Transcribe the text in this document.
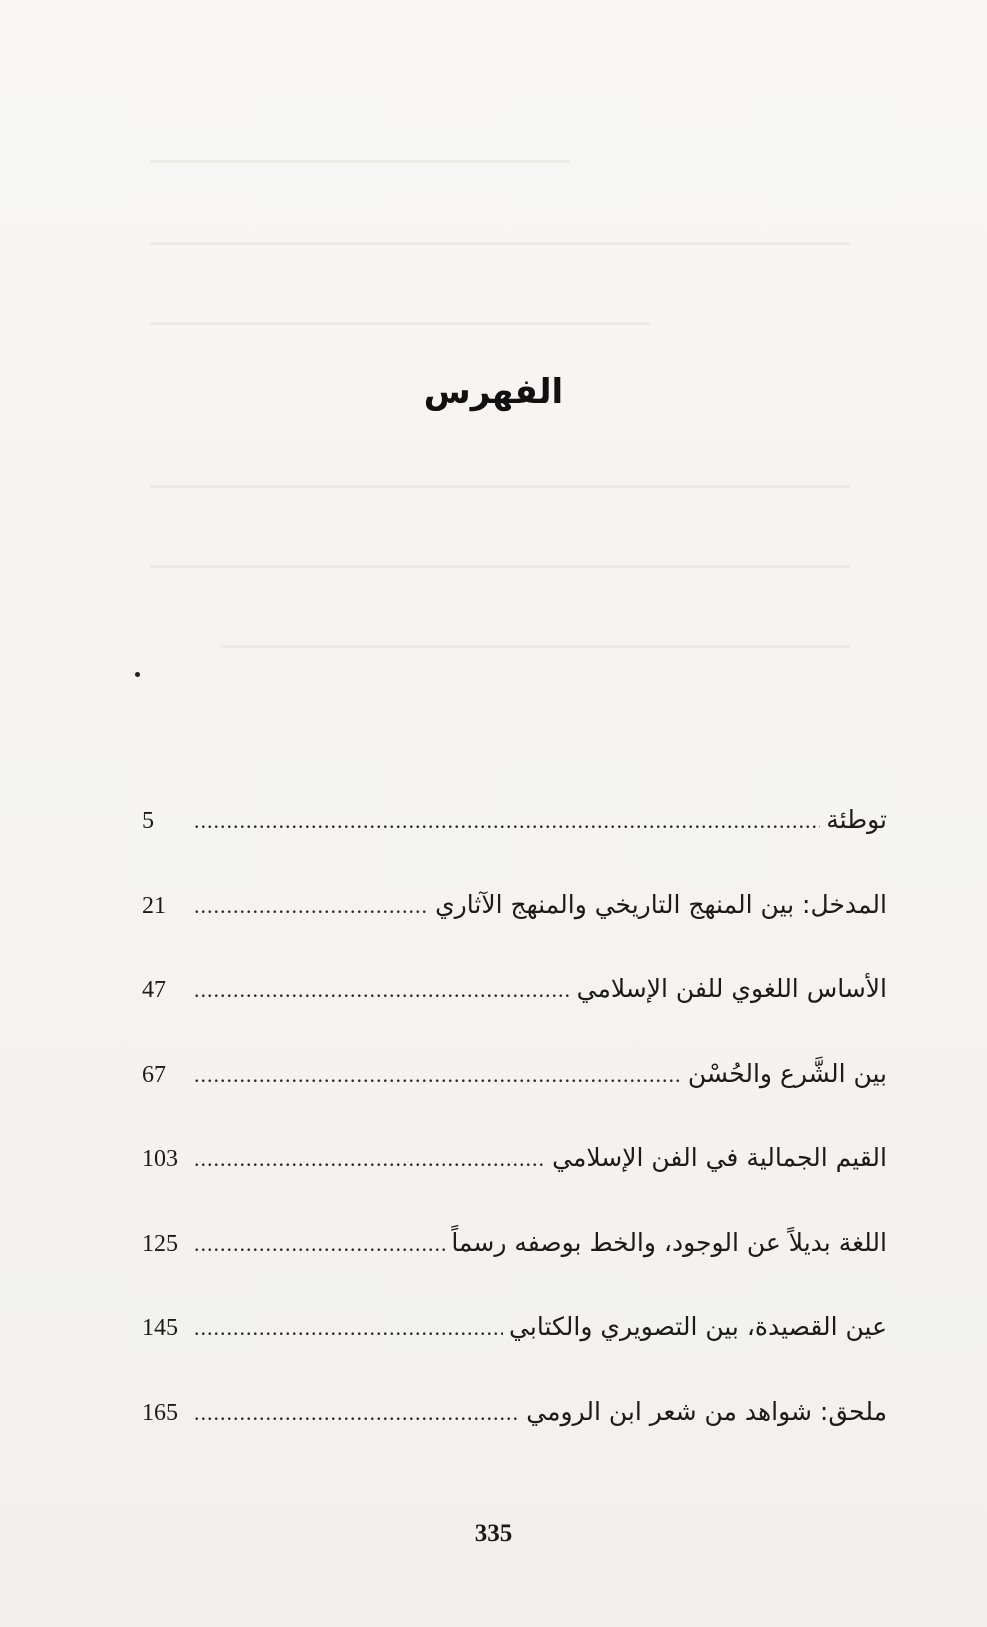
الفهرس
توطئة
.....
5
المدخل: بين المنهج التاريخي والمنهج الآثاري
.....
21
الأساس اللغوي للفن الإسلامي
.....
47
بين الشَّرع والحُسْن
.....
67
القيم الجمالية في الفن الإسلامي
.....
103
اللغة بديلاً عن الوجود، والخط بوصفه رسماً
.....
125
عين القصيدة، بين التصويري والكتابي
.....
145
ملحق: شواهد من شعر ابن الرومي
.....
165
335
